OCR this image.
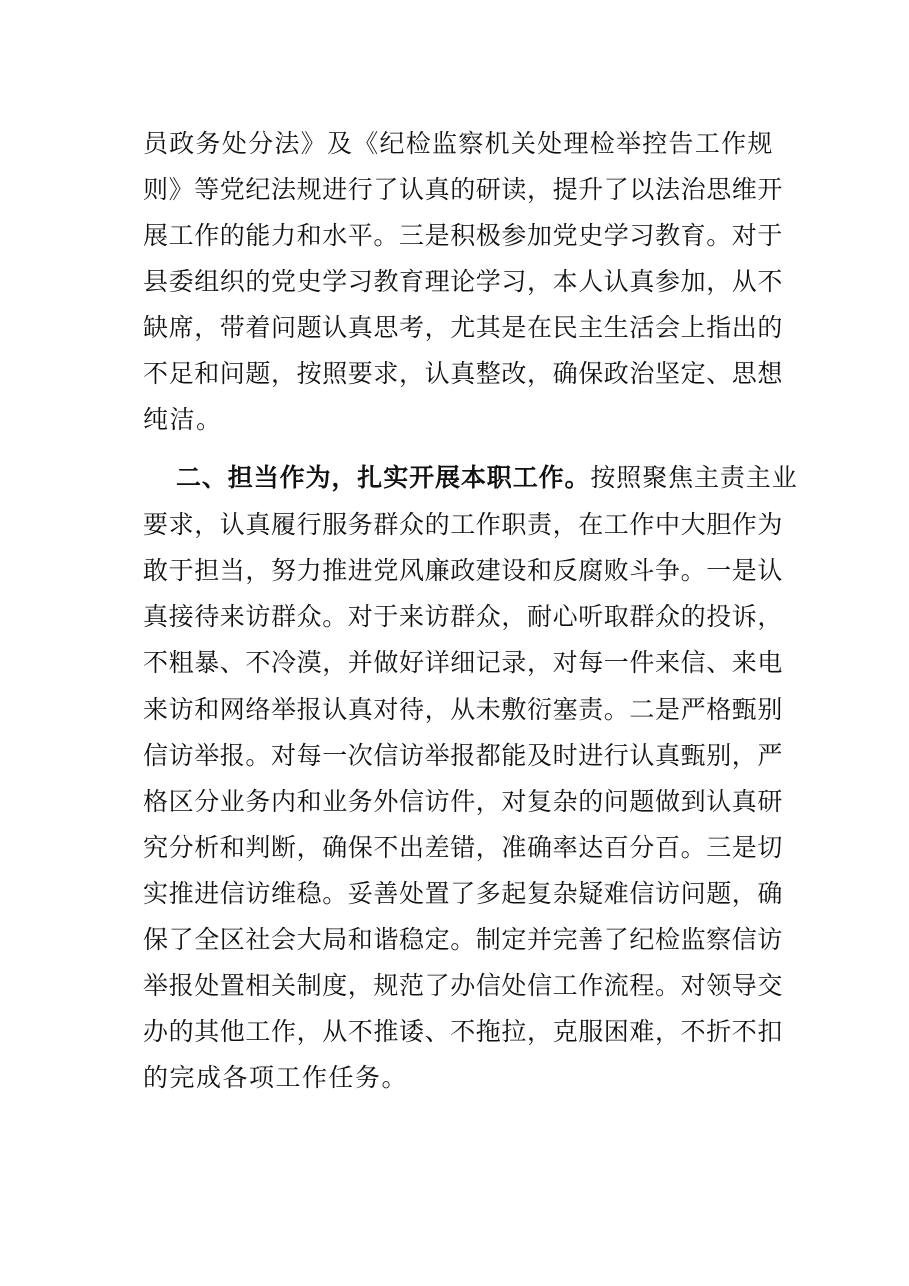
员政务处分法》及《纪检监察机关处理检举控告工作规
则》等党纪法规进行了认真的研读，提升了以法治思维开
展工作的能力和水平。三是积极参加党史学习教育。对于
县委组织的党史学习教育理论学习，本人认真参加，从不
缺席，带着问题认真思考，尤其是在民主生活会上指出的
不足和问题，按照要求，认真整改，确保政治坚定、思想
纯洁。
二、担当作为，扎实开展本职工作。按照聚焦主责主业
要求，认真履行服务群众的工作职责，在工作中大胆作为
敢于担当，努力推进党风廉政建设和反腐败斗争。一是认
真接待来访群众。对于来访群众，耐心听取群众的投诉，
不粗暴、不冷漠，并做好详细记录，对每一件来信、来电
来访和网络举报认真对待，从未敷衍塞责。二是严格甄别
信访举报。对每一次信访举报都能及时进行认真甄别，严
格区分业务内和业务外信访件，对复杂的问题做到认真研
究分析和判断，确保不出差错，准确率达百分百。三是切
实推进信访维稳。妥善处置了多起复杂疑难信访问题，确
保了全区社会大局和谐稳定。制定并完善了纪检监察信访
举报处置相关制度，规范了办信处信工作流程。对领导交
办的其他工作，从不推诿、不拖拉，克服困难，不折不扣
的完成各项工作任务。
